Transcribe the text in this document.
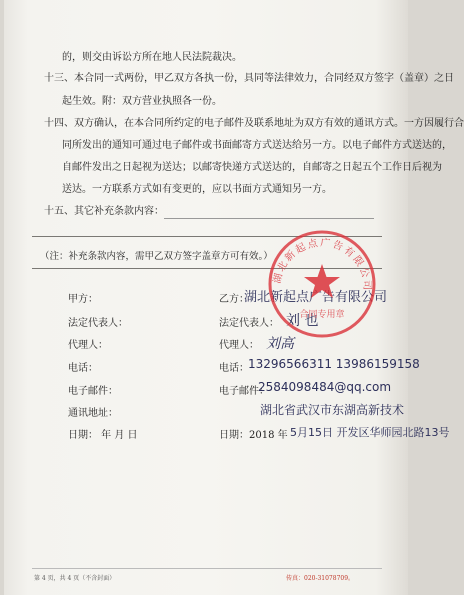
的，则交由诉讼方所在地人民法院裁决。
十三、本合同一式两份，甲乙双方各执一份，具同等法律效力，合同经双方签字（盖章）之日
起生效。附：双方营业执照各一份。
十四、双方确认，在本合同所约定的电子邮件及联系地址为双方有效的通讯方式。一方因履行合
同所发出的通知可通过电子邮件或书面邮寄方式送达给另一方。以电子邮件方式送达的，
自邮件发出之日起视为送达；以邮寄快递方式送达的，自邮寄之日起五个工作日后视为
送达。一方联系方式如有变更的，应以书面方式通知另一方。
十五、其它补充条款内容：
（注：补充条款内容，需甲乙双方签字盖章方可有效。）
甲方：
法定代表人：
代理人：
电话：
电子邮件：
通讯地址：
日期： 年 月 日
乙方：
法定代表人：
代理人：
电话：
电子邮件：
日期：2018 年
湖北新起点广告有限公司
刘 也
刘高
13296566311 13986159158
2584098484@qq.com
湖北省武汉市东湖高新技术
5月15日 开发区华师园北路13号
湖北新起点广告有限公司
合同专用章
第 4 页，共 4 页（不含封面）	传真：020-31078709。
